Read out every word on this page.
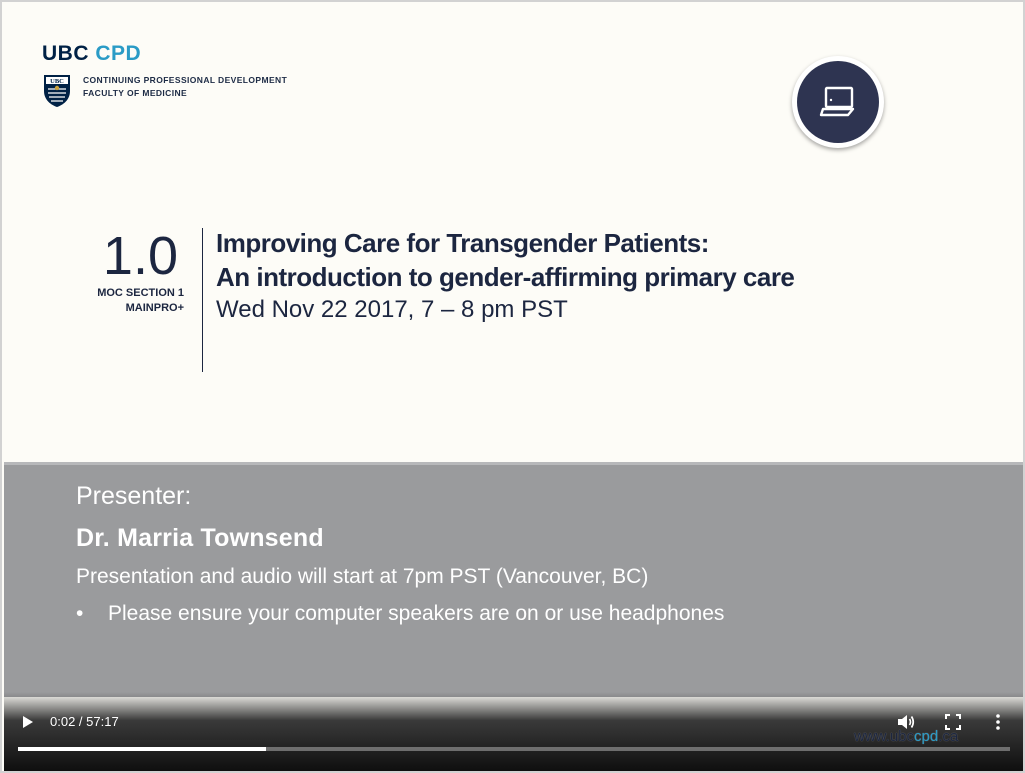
UBC CPD
UBC CONTINUING PROFESSIONAL DEVELOPMENT
FACULTY OF MEDICINE
1.0
MOC SECTION 1
MAINPRO+
Improving Care for Transgender Patients:
An introduction to gender-affirming primary care
Wed Nov 22 2017, 7 – 8 pm PST
Presenter:
Dr. Marria Townsend
Presentation and audio will start at 7pm PST (Vancouver, BC)
• Please ensure your computer speakers are on or use headphones
0:02 / 57:17
www.ubccpd.ca
